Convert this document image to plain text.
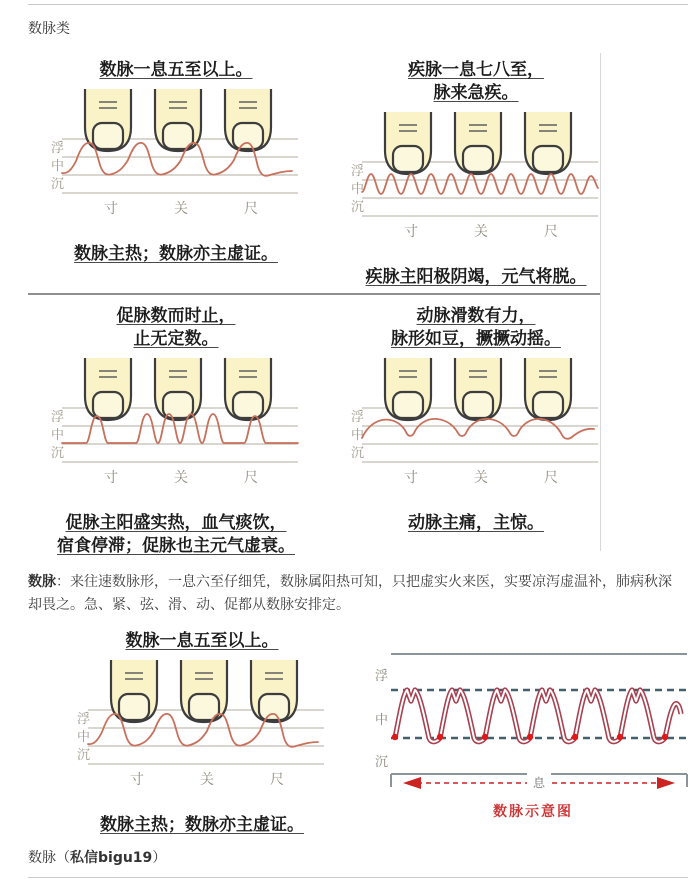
数脉类
数脉一息五至以上。
浮
中
沉
寸	关	尺
数脉主热；数脉亦主虚证。
疾脉一息七八至，
脉来急疾。
浮
中
沉
寸	关	尺
疾脉主阳极阴竭，元气将脱。
促脉数而时止，
止无定数。
浮
中
沉
寸	关	尺
促脉主阳盛实热，血气痰饮，
宿食停滞；促脉也主元气虚衰。
动脉滑数有力，
脉形如豆，撅撅动摇。
浮
中
沉
寸	关	尺
动脉主痛，主惊。

数脉：来往速数脉形，一息六至仔细凭，数脉属阳热可知，只把虚实火来医，实要凉泻虚温补，肺病秋深却畏之。急、紧、弦、滑、动、促都从数脉安排定。

数脉一息五至以上。
浮
中
沉
寸	关	尺
数脉主热；数脉亦主虚证。
浮
中
沉
息
数脉示意图
数脉（私信bigu19）
